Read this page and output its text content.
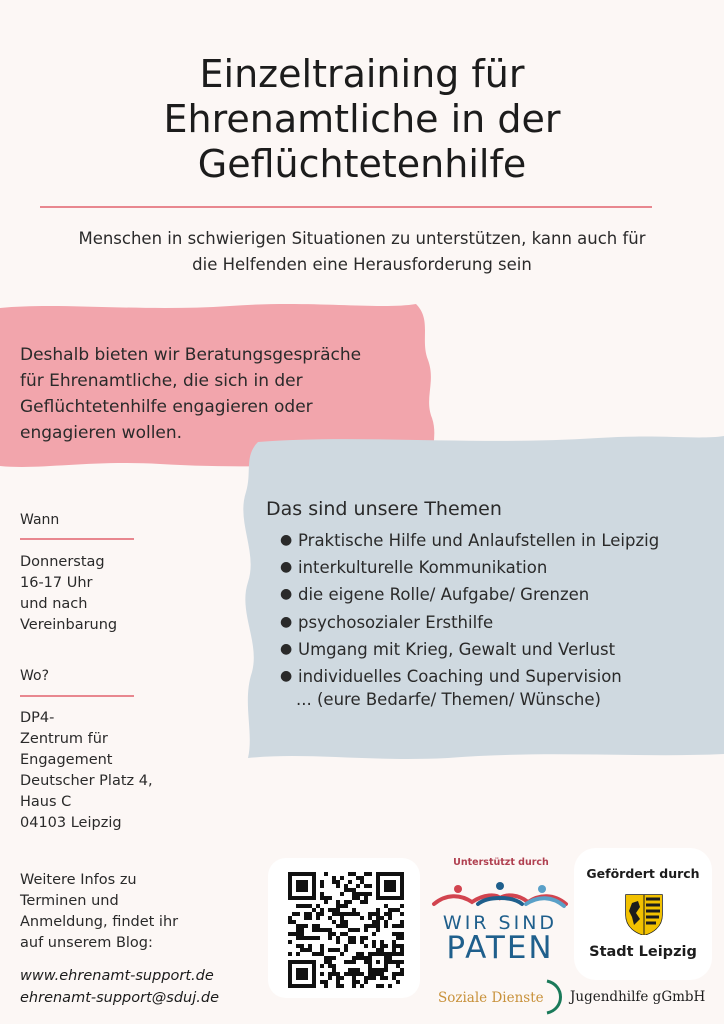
Einzeltraining für
Ehrenamtliche in der
Geflüchtetenhilfe
Menschen in schwierigen Situationen zu unterstützen, kann auch für
die Helfenden eine Herausforderung sein
Deshalb bieten wir Beratungsgespräche
für Ehrenamtliche, die sich in der
Geflüchtetenhilfe engagieren oder
engagieren wollen.
Das sind unsere Themen
● Praktische Hilfe und Anlaufstellen in Leipzig
● interkulturelle Kommunikation
● die eigene Rolle/ Aufgabe/ Grenzen
● psychosozialer Ersthilfe
● Umgang mit Krieg, Gewalt und Verlust
● individuelles Coaching und Supervision
... (eure Bedarfe/ Themen/ Wünsche)
Wann
Donnerstag
16-17 Uhr
und nach
Vereinbarung
Wo?
DP4-
Zentrum für
Engagement
Deutscher Platz 4,
Haus C
04103 Leipzig
Weitere Infos zu
Terminen und
Anmeldung, findet ihr
auf unserem Blog:
www.ehrenamt-support.de
ehrenamt-support@sduj.de
Unterstützt durch
WIR SIND
PATEN
Gefördert durch
Stadt Leipzig
Soziale Dienste Jugendhilfe gGmbH
